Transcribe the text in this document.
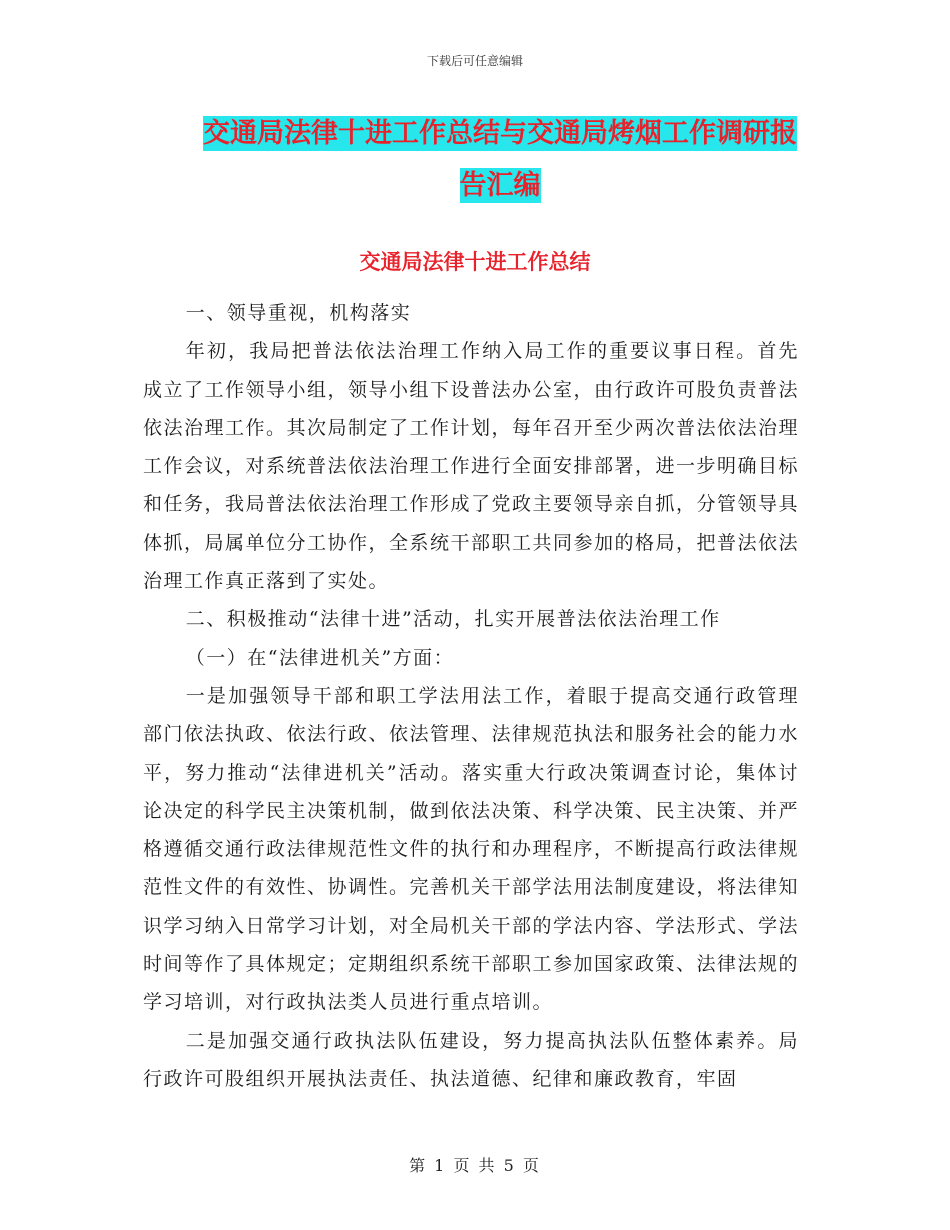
下载后可任意编辑
交通局法律十进工作总结与交通局烤烟工作调研报告汇编
交通局法律十进工作总结

一、领导重视，机构落实

年初，我局把普法依法治理工作纳入局工作的重要议事日程。首先成立了工作领导小组，领导小组下设普法办公室，由行政许可股负责普法依法治理工作。其次局制定了工作计划，每年召开至少两次普法依法治理工作会议，对系统普法依法治理工作进行全面安排部署，进一步明确目标和任务，我局普法依法治理工作形成了党政主要领导亲自抓，分管领导具体抓，局属单位分工协作，全系统干部职工共同参加的格局，把普法依法治理工作真正落到了实处。

二、积极推动“法律十进”活动，扎实开展普法依法治理工作

（一）在“法律进机关”方面：

一是加强领导干部和职工学法用法工作，着眼于提高交通行政管理部门依法执政、依法行政、依法管理、法律规范执法和服务社会的能力水平，努力推动“法律进机关”活动。落实重大行政决策调查讨论，集体讨论决定的科学民主决策机制，做到依法决策、科学决策、民主决策、并严格遵循交通行政法律规范性文件的执行和办理程序，不断提高行政法律规范性文件的有效性、协调性。完善机关干部学法用法制度建设，将法律知识学习纳入日常学习计划，对全局机关干部的学法内容、学法形式、学法时间等作了具体规定；定期组织系统干部职工参加国家政策、法律法规的学习培训，对行政执法类人员进行重点培训。

二是加强交通行政执法队伍建设，努力提高执法队伍整体素养。局行政许可股组织开展执法责任、执法道德、纪律和廉政教育，牢固

第 1 页 共 5 页
